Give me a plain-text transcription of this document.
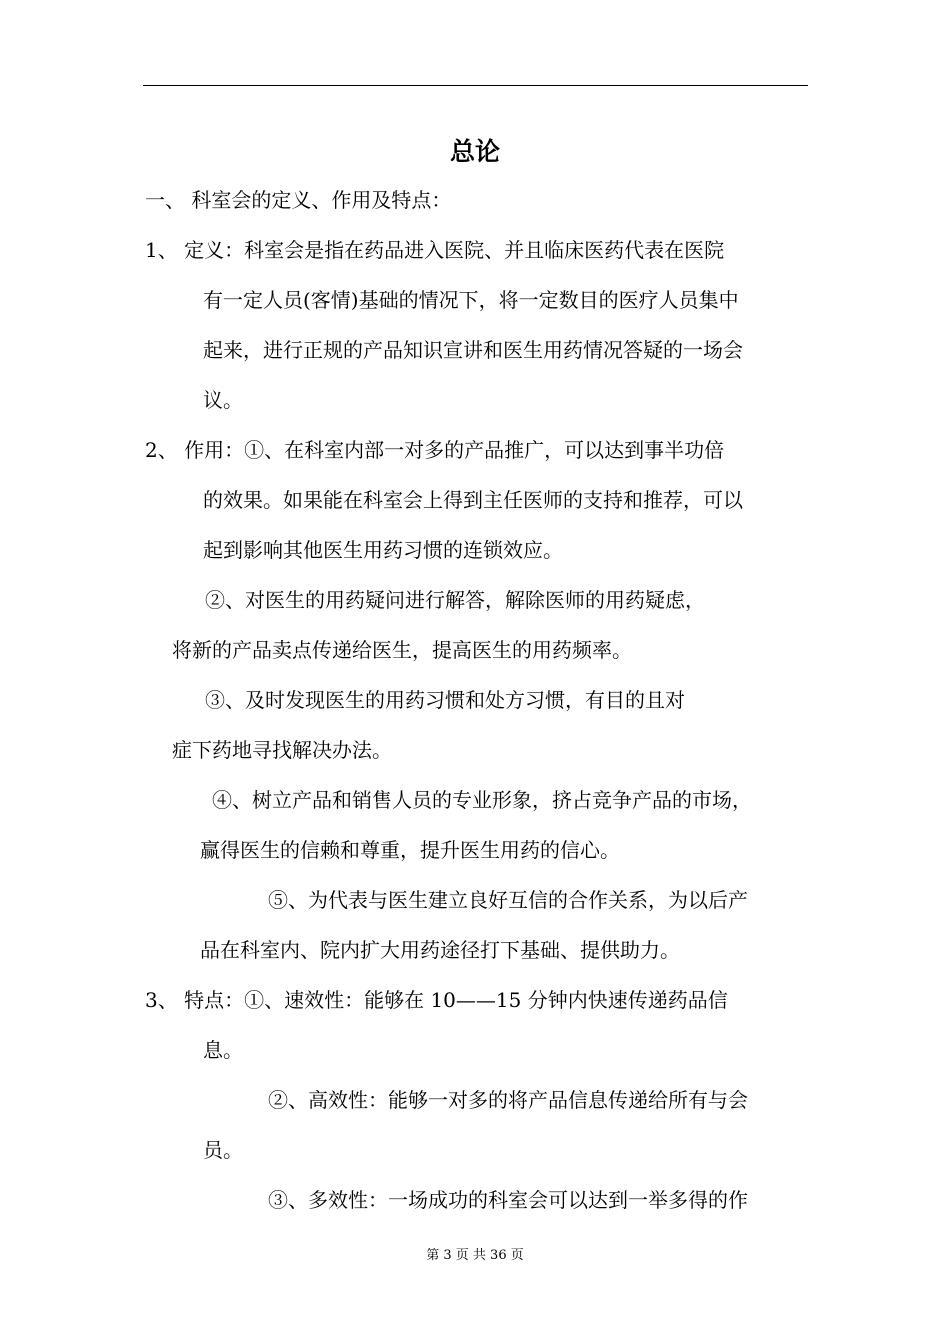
总论
一、 科室会的定义、作用及特点：
1、 定义：科室会是指在药品进入医院、并且临床医药代表在医院
有一定人员(客情)基础的情况下，将一定数目的医疗人员集中
起来，进行正规的产品知识宣讲和医生用药情况答疑的一场会
议。
2、 作用：①、在科室内部一对多的产品推广，可以达到事半功倍
的效果。如果能在科室会上得到主任医师的支持和推荐，可以
起到影响其他医生用药习惯的连锁效应。
②、对医生的用药疑问进行解答，解除医师的用药疑虑，
将新的产品卖点传递给医生，提高医生的用药频率。
③、及时发现医生的用药习惯和处方习惯，有目的且对
症下药地寻找解决办法。
④、树立产品和销售人员的专业形象，挤占竞争产品的市场，
赢得医生的信赖和尊重，提升医生用药的信心。
⑤、为代表与医生建立良好互信的合作关系，为以后产
品在科室内、院内扩大用药途径打下基础、提供助力。
3、 特点：①、速效性：能够在 10——15 分钟内快速传递药品信
息。
②、高效性：能够一对多的将产品信息传递给所有与会
员。
③、多效性：一场成功的科室会可以达到一举多得的作
第 3 页 共 36 页
